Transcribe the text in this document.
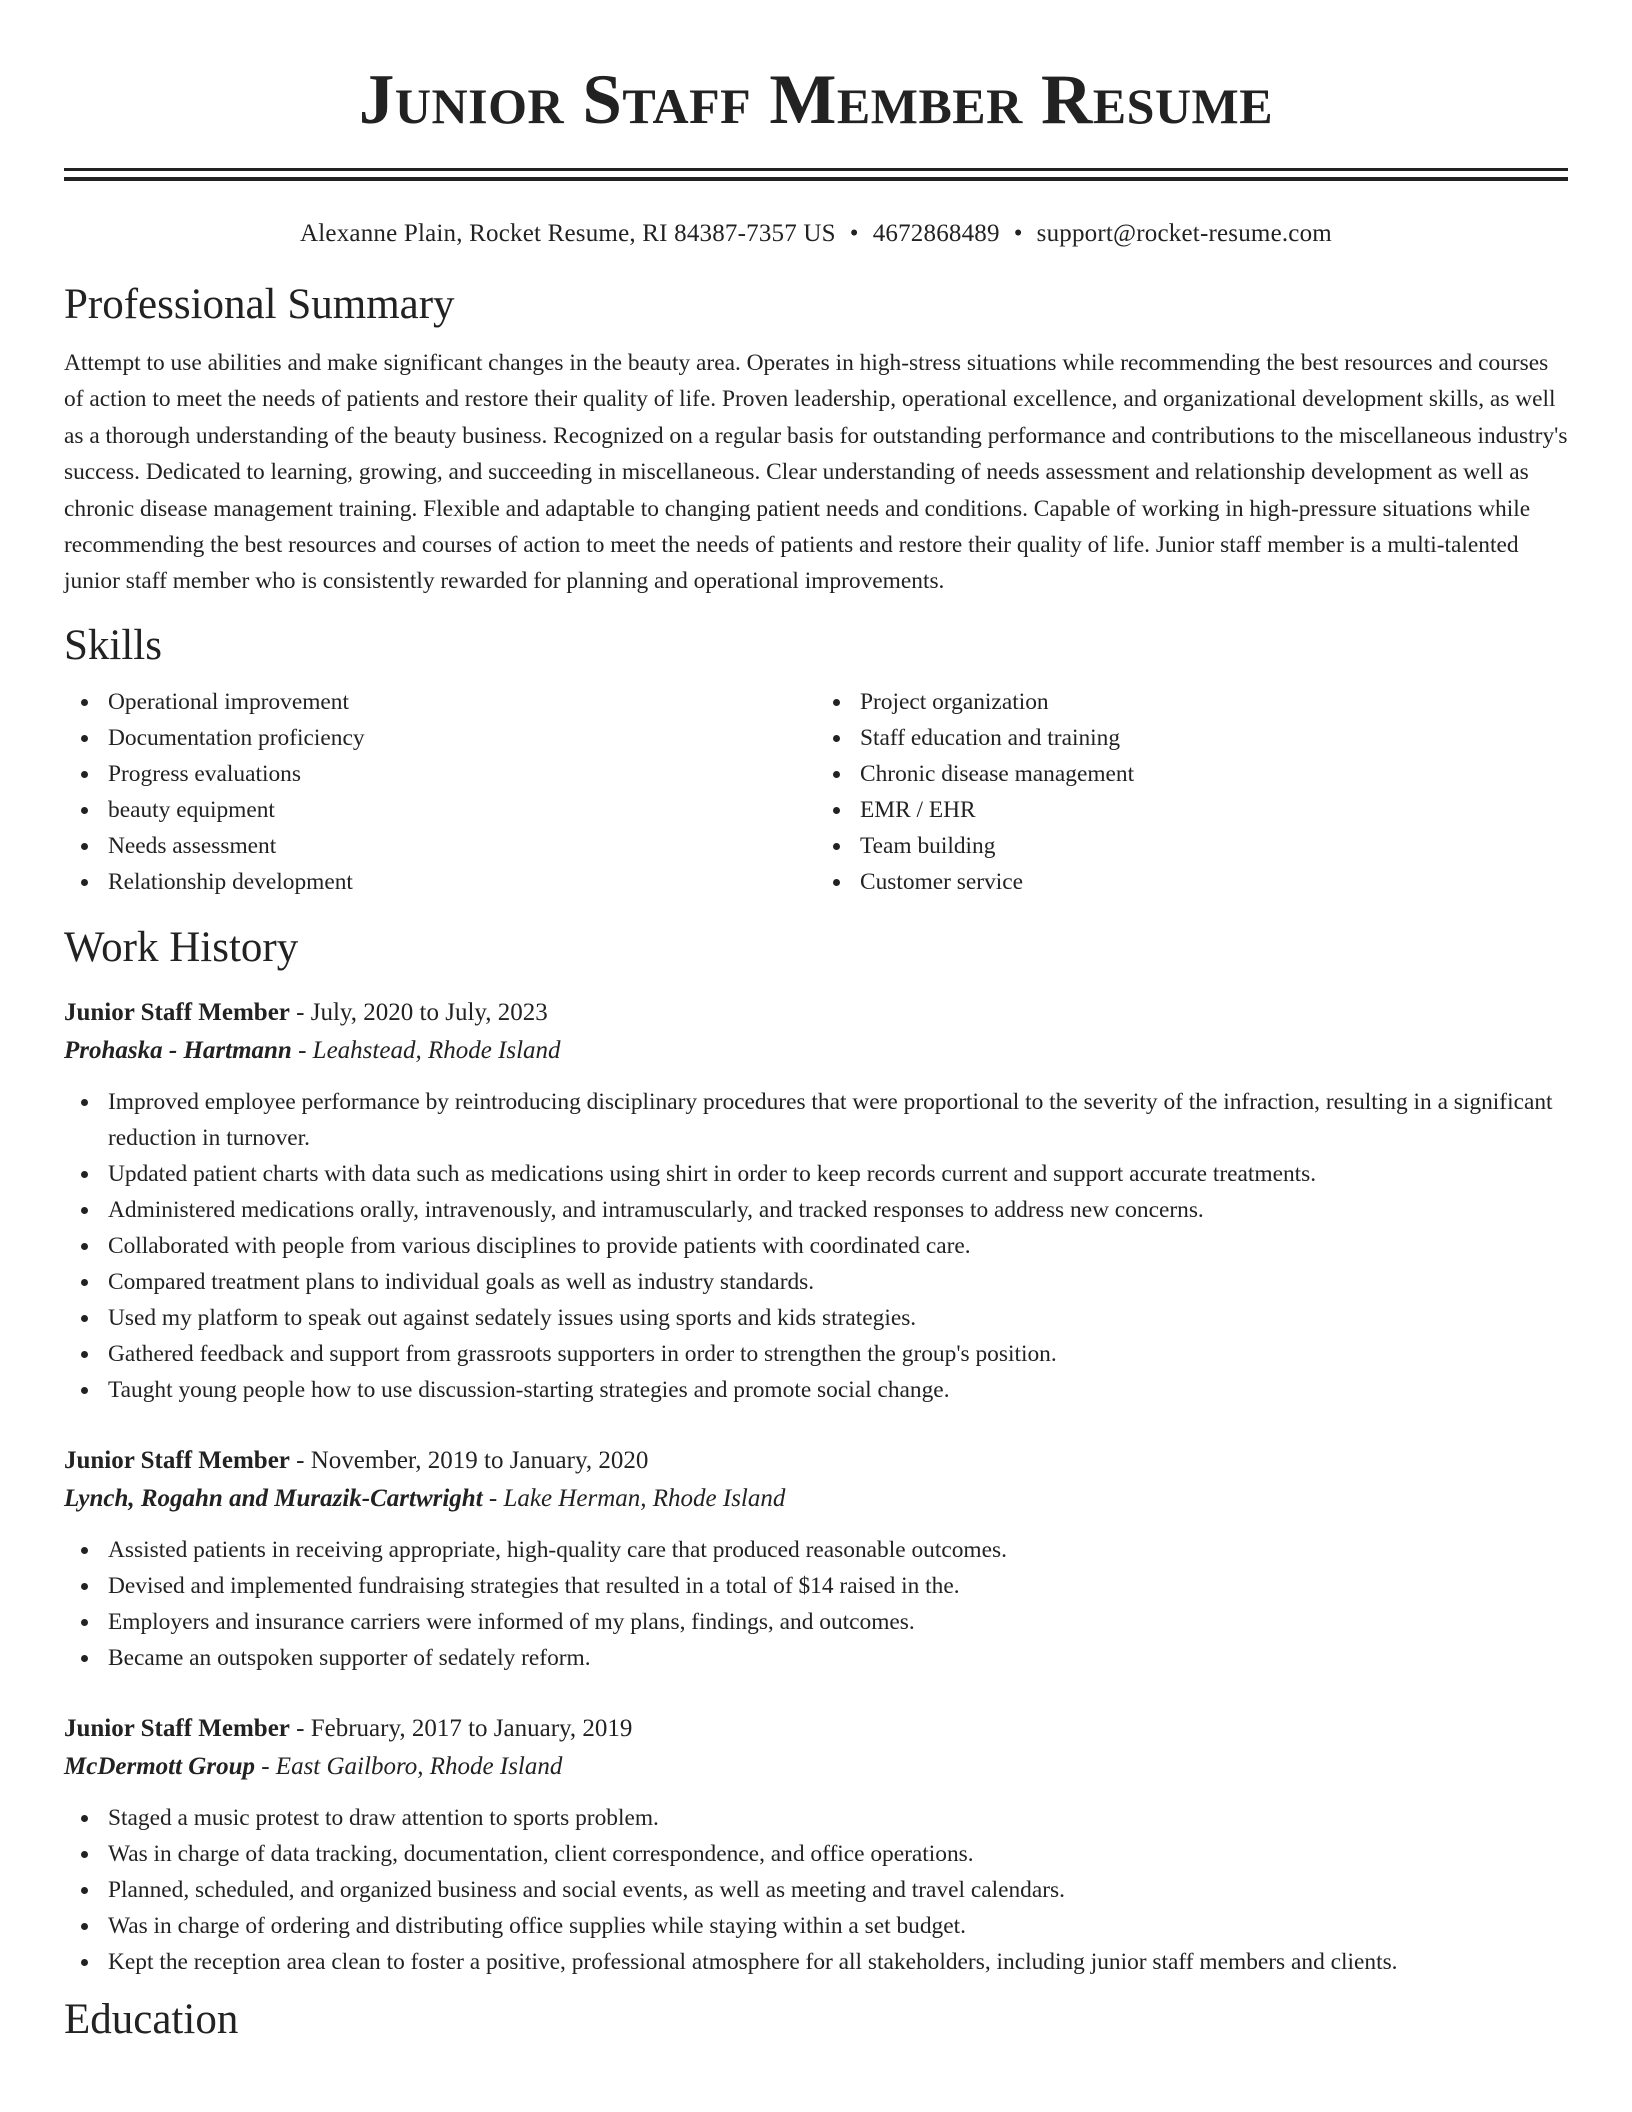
Junior Staff Member Resume
Alexanne Plain, Rocket Resume, RI 84387-7357 US • 4672868489 • support@rocket-resume.com
Professional Summary

Attempt to use abilities and make significant changes in the beauty area. Operates in high-stress situations while recommending the best resources and courses of action to meet the needs of patients and restore their quality of life. Proven leadership, operational excellence, and organizational development skills, as well as a thorough understanding of the beauty business. Recognized on a regular basis for outstanding performance and contributions to the miscellaneous industry's success. Dedicated to learning, growing, and succeeding in miscellaneous. Clear understanding of needs assessment and relationship development as well as chronic disease management training. Flexible and adaptable to changing patient needs and conditions. Capable of working in high-pressure situations while recommending the best resources and courses of action to meet the needs of patients and restore their quality of life. Junior staff member is a multi-talented junior staff member who is consistently rewarded for planning and operational improvements.

Skills
Operational improvement
Documentation proficiency
Progress evaluations
beauty equipment
Needs assessment
Relationship development
Project organization
Staff education and training
Chronic disease management
EMR / EHR
Team building
Customer service
Work History
Junior Staff Member - July, 2020 to July, 2023
Prohaska - Hartmann - Leahstead, Rhode Island
Improved employee performance by reintroducing disciplinary procedures that were proportional to the severity of the infraction, resulting in a significant reduction in turnover.
Updated patient charts with data such as medications using shirt in order to keep records current and support accurate treatments.
Administered medications orally, intravenously, and intramuscularly, and tracked responses to address new concerns.
Collaborated with people from various disciplines to provide patients with coordinated care.
Compared treatment plans to individual goals as well as industry standards.
Used my platform to speak out against sedately issues using sports and kids strategies.
Gathered feedback and support from grassroots supporters in order to strengthen the group's position.
Taught young people how to use discussion-starting strategies and promote social change.
Junior Staff Member - November, 2019 to January, 2020
Lynch, Rogahn and Murazik-Cartwright - Lake Herman, Rhode Island
Assisted patients in receiving appropriate, high-quality care that produced reasonable outcomes.
Devised and implemented fundraising strategies that resulted in a total of $14 raised in the.
Employers and insurance carriers were informed of my plans, findings, and outcomes.
Became an outspoken supporter of sedately reform.
Junior Staff Member - February, 2017 to January, 2019
McDermott Group - East Gailboro, Rhode Island
Staged a music protest to draw attention to sports problem.
Was in charge of data tracking, documentation, client correspondence, and office operations.
Planned, scheduled, and organized business and social events, as well as meeting and travel calendars.
Was in charge of ordering and distributing office supplies while staying within a set budget.
Kept the reception area clean to foster a positive, professional atmosphere for all stakeholders, including junior staff members and clients.
Education
